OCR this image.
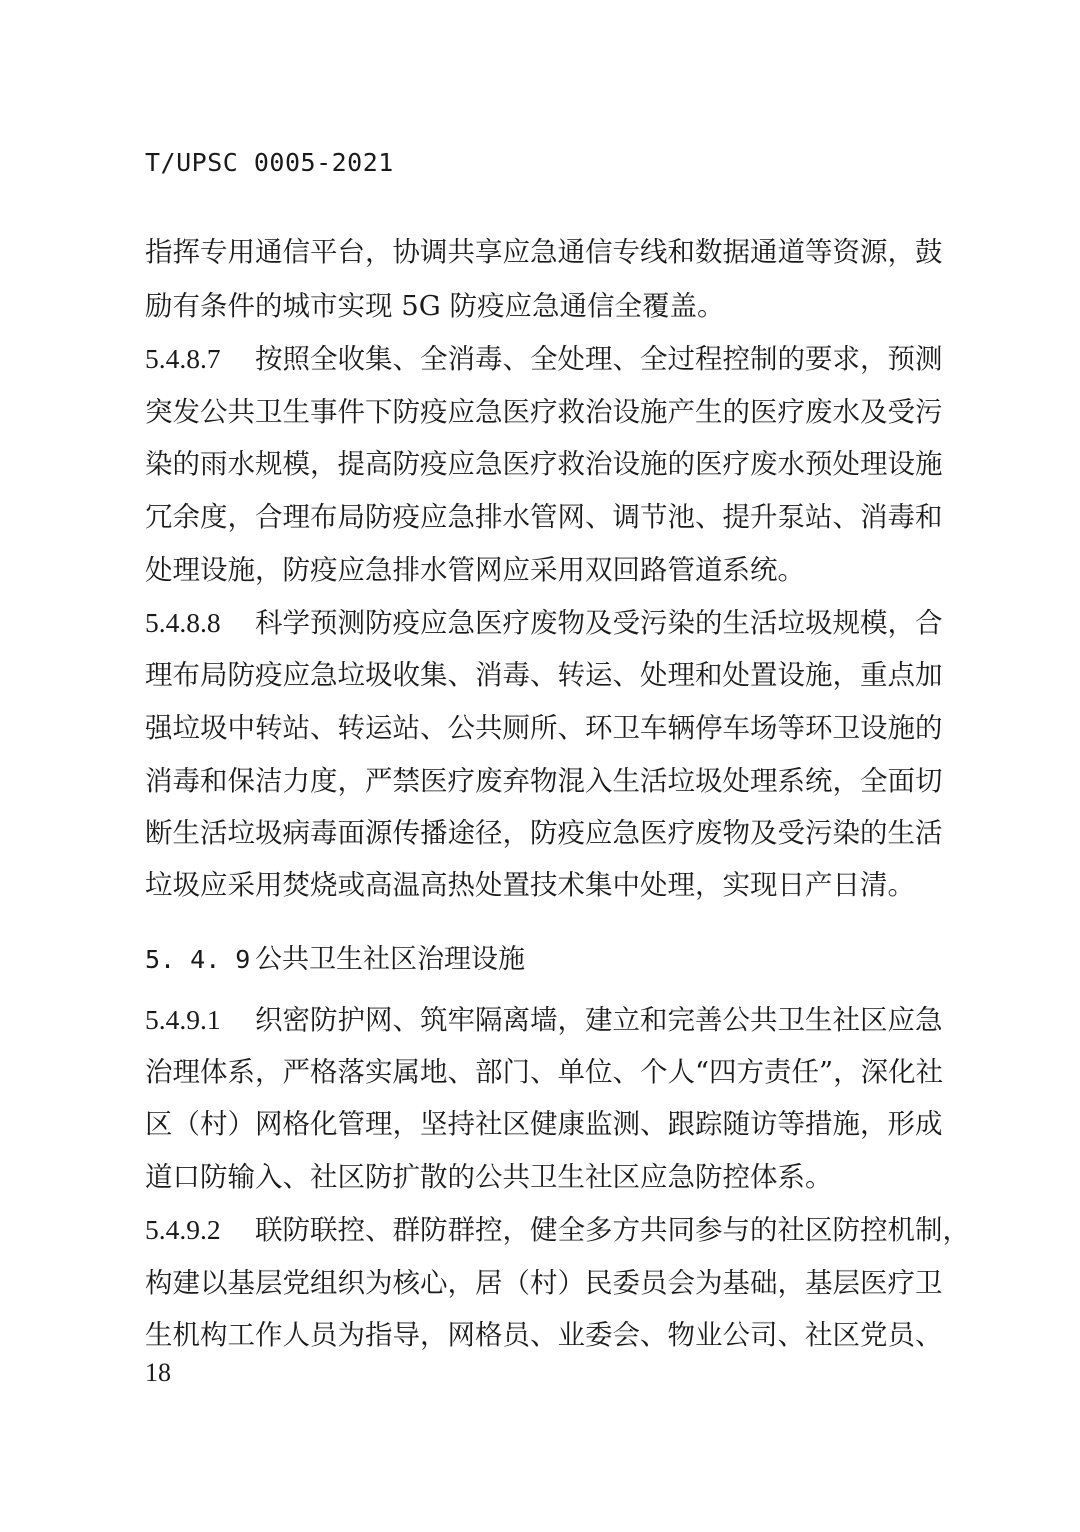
T/UPSC 0005-2021
指挥专用通信平台，协调共享应急通信专线和数据通道等资源，鼓
励有条件的城市实现 5G 防疫应急通信全覆盖。
5.4.8.7 按照全收集、全消毒、全处理、全过程控制的要求，预测
突发公共卫生事件下防疫应急医疗救治设施产生的医疗废水及受污
染的雨水规模，提高防疫应急医疗救治设施的医疗废水预处理设施
冗余度，合理布局防疫应急排水管网、调节池、提升泵站、消毒和
处理设施，防疫应急排水管网应采用双回路管道系统。
5.4.8.8 科学预测防疫应急医疗废物及受污染的生活垃圾规模，合
理布局防疫应急垃圾收集、消毒、转运、处理和处置设施，重点加
强垃圾中转站、转运站、公共厕所、环卫车辆停车场等环卫设施的
消毒和保洁力度，严禁医疗废弃物混入生活垃圾处理系统，全面切
断生活垃圾病毒面源传播途径，防疫应急医疗废物及受污染的生活
垃圾应采用焚烧或高温高热处置技术集中处理，实现日产日清。
5. 4. 9 公共卫生社区治理设施
5.4.9.1 织密防护网、筑牢隔离墙，建立和完善公共卫生社区应急
治理体系，严格落实属地、部门、单位、个人“四方责任”，深化社
区（村）网格化管理，坚持社区健康监测、跟踪随访等措施，形成
道口防输入、社区防扩散的公共卫生社区应急防控体系。
5.4.9.2 联防联控、群防群控，健全多方共同参与的社区防控机制，
构建以基层党组织为核心，居（村）民委员会为基础，基层医疗卫
生机构工作人员为指导，网格员、业委会、物业公司、社区党员、
18
